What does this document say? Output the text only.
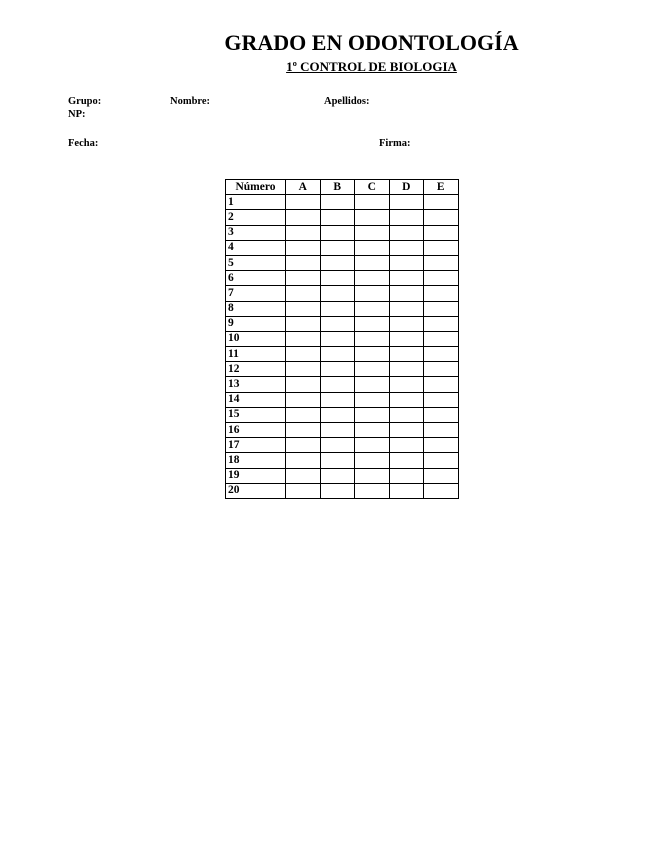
GRADO EN ODONTOLOGÍA
1º CONTROL DE BIOLOGIA
Grupo:	Nombre:	Apellidos:
NP:
Fecha:	Firma:
Número	A	B	C	D	E
1					
2					
3					
4					
5					
6					
7					
8					
9					
10					
11					
12					
13					
14					
15					
16					
17					
18					
19					
20					
